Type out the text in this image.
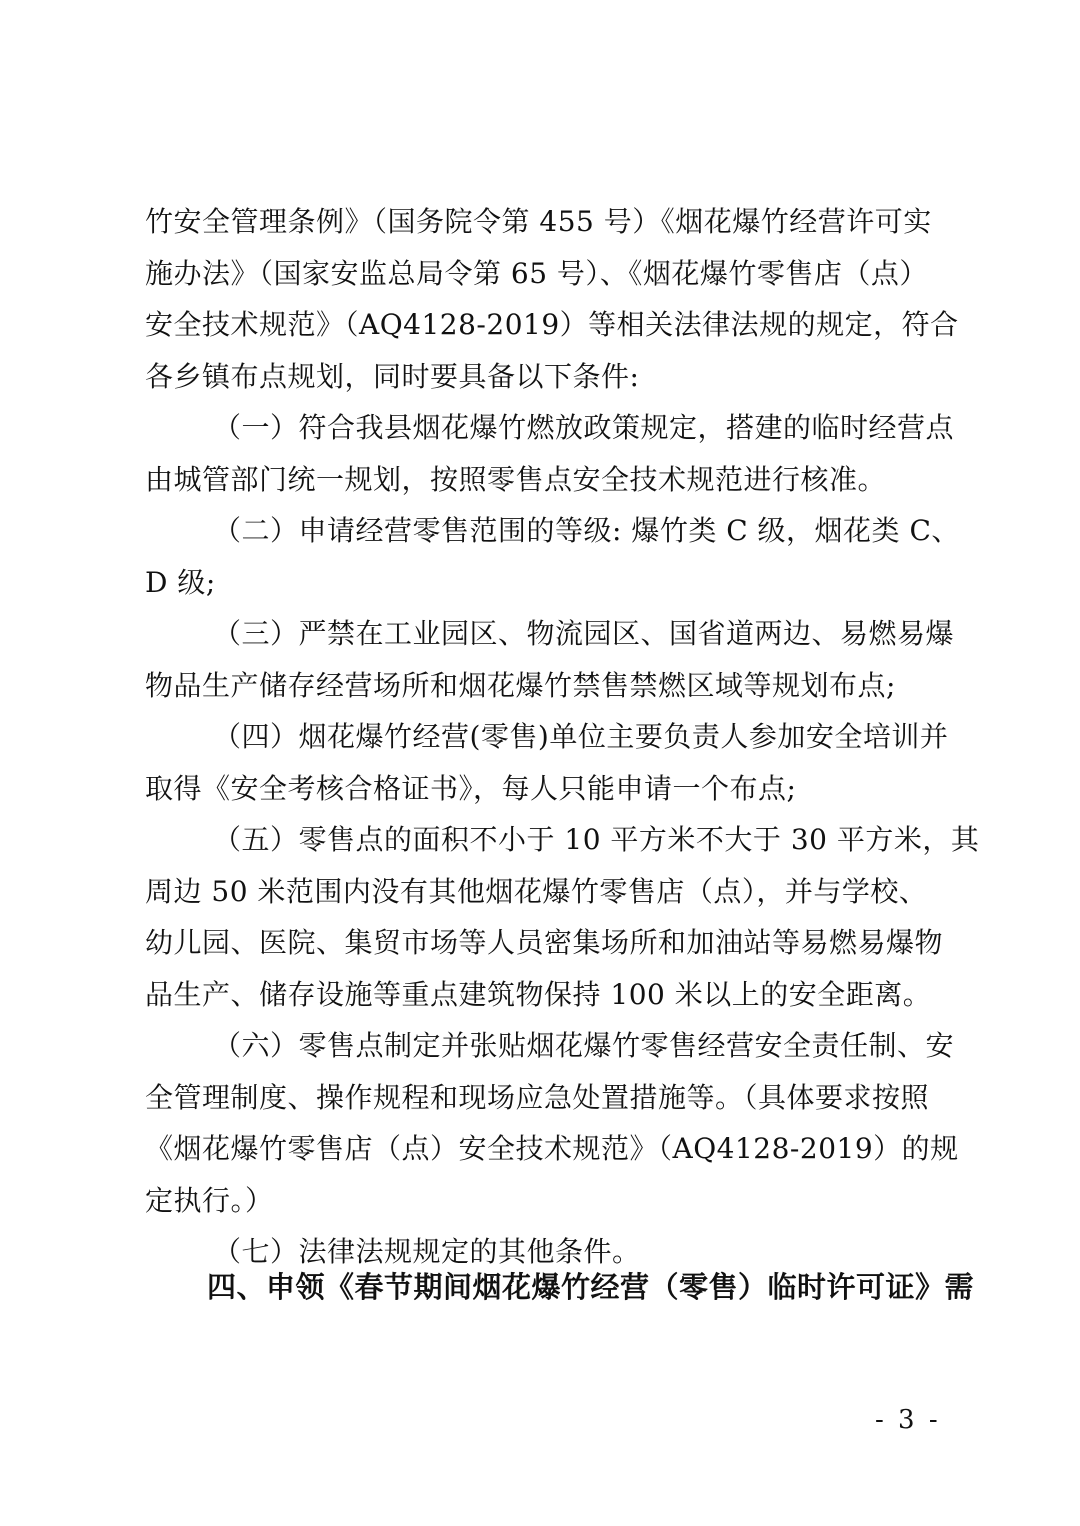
竹安全管理条例》（国务院令第 455 号）《烟花爆竹经营许可实
施办法》（国家安监总局令第 65 号）、《烟花爆竹零售店（点）
安全技术规范》（AQ4128-2019）等相关法律法规的规定，符合
各乡镇布点规划，同时要具备以下条件:
（一）符合我县烟花爆竹燃放政策规定，搭建的临时经营点
由城管部门统一规划，按照零售点安全技术规范进行核准。
（二）申请经营零售范围的等级: 爆竹类 C 级，烟花类 C、
D 级;
（三）严禁在工业园区、物流园区、国省道两边、易燃易爆
物品生产储存经营场所和烟花爆竹禁售禁燃区域等规划布点;
（四）烟花爆竹经营(零售)单位主要负责人参加安全培训并
取得《安全考核合格证书》，每人只能申请一个布点;
（五）零售点的面积不小于 10 平方米不大于 30 平方米，其
周边 50 米范围内没有其他烟花爆竹零售店（点），并与学校、
幼儿园、医院、集贸市场等人员密集场所和加油站等易燃易爆物
品生产、储存设施等重点建筑物保持 100 米以上的安全距离。
（六）零售点制定并张贴烟花爆竹零售经营安全责任制、安
全管理制度、操作规程和现场应急处置措施等。（具体要求按照
《烟花爆竹零售店（点）安全技术规范》（AQ4128-2019）的规
定执行。）
（七）法律法规规定的其他条件。
四、申领《春节期间烟花爆竹经营（零售）临时许可证》需
- 3 -
